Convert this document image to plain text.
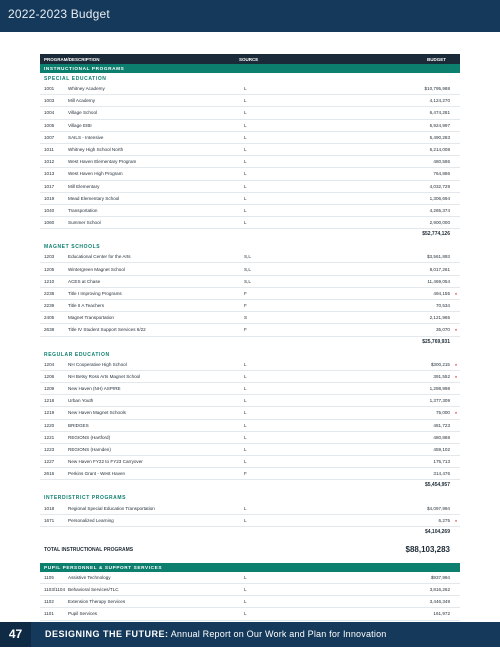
2022-2023 Budget
PROGRAM/DESCRIPTION	SOURCE	BUDGET
INSTRUCTIONAL PROGRAMS
SPECIAL EDUCATION
1001	Whitney Academy	L	$10,795,988
1003	Mill Academy	L	4,124,270
1004	Village School	L	6,474,281
1005	Village EIBI	L	5,924,997
1007	SAILS - Intensive	L	5,490,283
1011	Whitney High School North	L	6,214,008
1012	West Haven Elementary Program	L	480,586
1013	West Haven High Program	L	764,886
1017	Mill Elementary	L	4,032,729
1019	Mead Elementary School	L	1,306,694
1040	Transportation	L	4,265,374
1060	Summer School	L	2,900,000
$52,774,126
MAGNET SCHOOLS
1203	Educational Center for the Arts	S,L	$3,561,893
1205	Wintergreen Magnet School	S,L	8,017,261
1210	ACES at Chase	S,L	11,469,054
2238	Title I Improving Programs	F	494,155	♦
2239	Title II A Teachers	F	70,534
2405	Magnet Transportation	S	2,121,965
2638	Title IV Student Support Services 6/22	F	35,070	♦
$25,769,931
REGULAR EDUCATION
1204	NH Cooperative High School	L	$300,215	♦
1206	NH Betsy Ross Arts Magnet School	L	391,552	♦
1209	New Haven (NH) ASPIRE	L	1,298,998
1218	Urban Youth	L	1,377,309
1219	New Haven Magnet Schools	L	75,000	♦
1220	BRIDGES	L	481,723
1221	REGIONS (Hartford)	L	480,868
1223	REGIONS (Hamden)	L	459,102
1227	New Haven FY22 to FY23 Carryover	L	175,713
2616	Perkins Grant - West Haven	F	314,476
$5,454,957
INTERDISTRICT PROGRAMS
1018	Regional Special Education Transportation	L	$4,097,994
1671	Personalized Learning	L	6,275	♦
$4,104,269
TOTAL INSTRUCTIONAL PROGRAMS	$88,103,283
PUPIL PERSONNEL & SUPPORT SERVICES
1105	Assistive Technology	L	$937,994
1103/1104 Behavioral Services/TLC	L	3,816,262
1102	Extension Therapy Services	L	3,446,349
1101	Pupil Services	L	161,972
47	DESIGNING THE FUTURE: Annual Report on Our Work and Plan for Innovation
